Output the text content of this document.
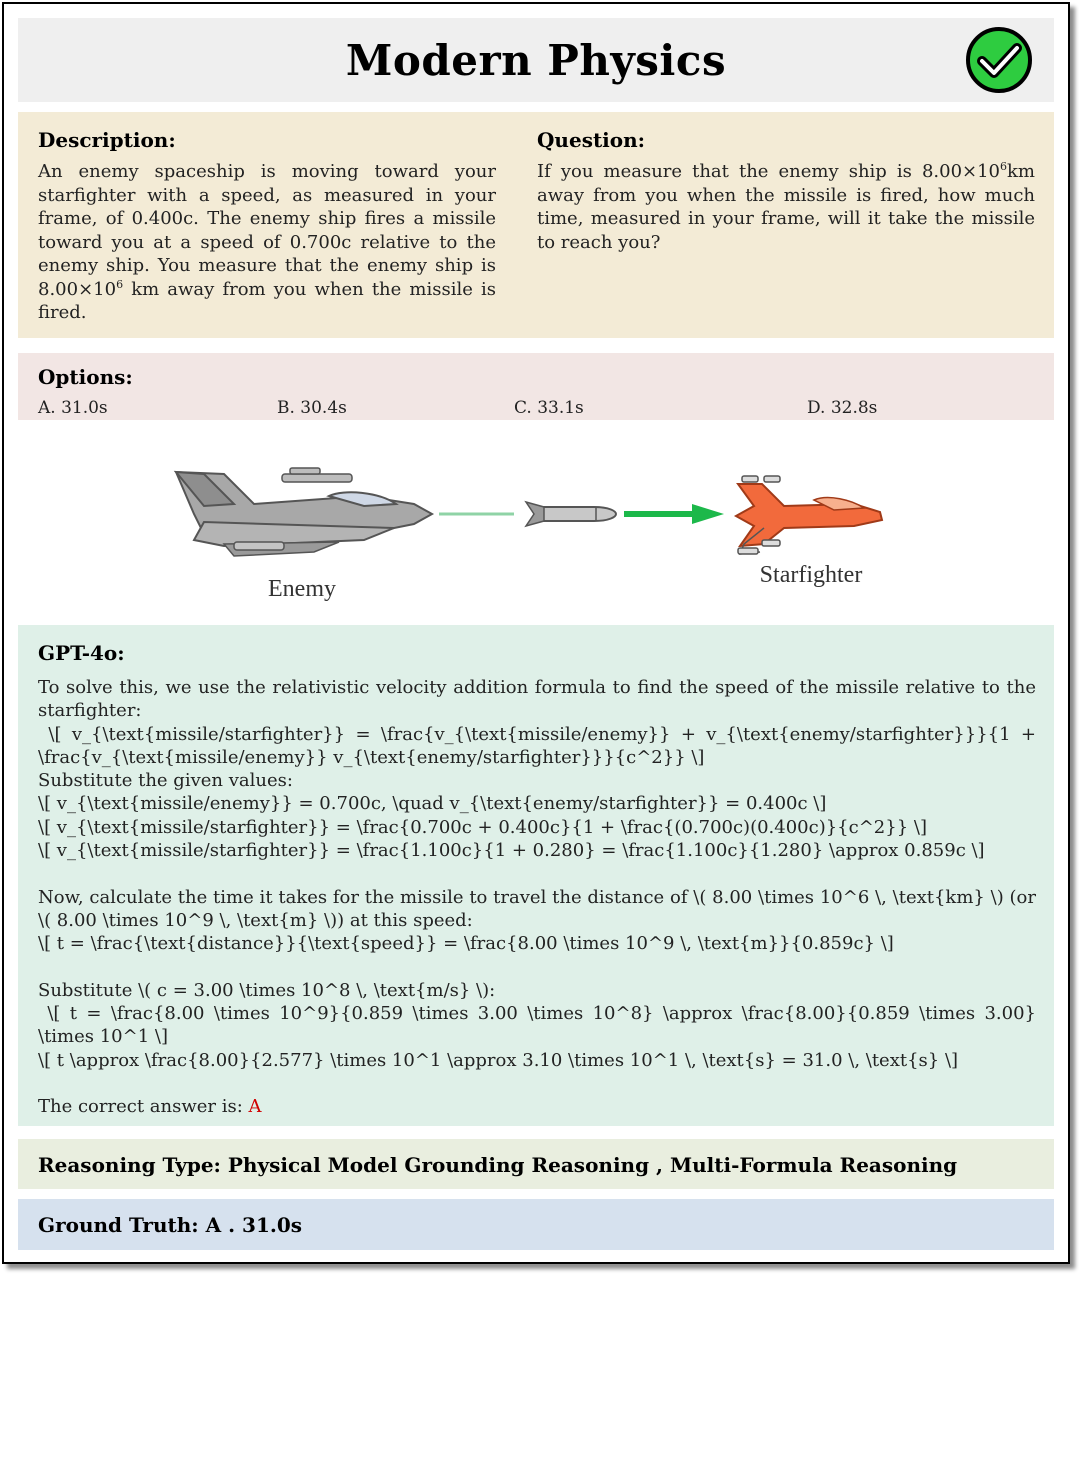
Modern Physics
Description:

An enemy spaceship is moving toward your starfighter with a speed, as measured in your frame, of 0.400c. The enemy ship fires a missile toward you at a speed of 0.700c relative to the enemy ship. You measure that the enemy ship is $8.00\times 10^6$ km away from you when the missile is fired.

Question:

If you measure that the enemy ship is $8.00\times 10^6km$ away from you when the missile is fired, how much time, measured in your frame, will it take the missile to reach you?

Options:
A. 31.0s	B. 30.4s	C. 33.1s	D. 32.8s
Enemy
Starfighter
GPT-4o:
To solve this, we use the relativistic velocity addition formula to find the speed of the missile relative to the starfighter:
\[ v_{\text{missile/starfighter}} = \frac{v_{\text{missile/enemy}} + v_{\text{enemy/starfighter}}}{1 + \frac{v_{\text{missile/enemy}} v_{\text{enemy/starfighter}}}{c^2}} \]
Substitute the given values:
\[ v_{\text{missile/enemy}} = 0.700c, \quad v_{\text{enemy/starfighter}} = 0.400c \]
\[ v_{\text{missile/starfighter}} = \frac{0.700c + 0.400c}{1 + \frac{(0.700c)(0.400c)}{c^2}} \]
\[ v_{\text{missile/starfighter}} = \frac{1.100c}{1 + 0.280} = \frac{1.100c}{1.280} \approx 0.859c \]
Now, calculate the time it takes for the missile to travel the distance of \( 8.00 \times 10^6 \, \text{km} \) (or \( 8.00 \times 10^9 \, \text{m} \)) at this speed:
\[ t = \frac{\text{distance}}{\text{speed}} = \frac{8.00 \times 10^9 \, \text{m}}{0.859c} \]
Substitute \( c = 3.00 \times 10^8 \, \text{m/s} \):
\[ t = \frac{8.00 \times 10^9}{0.859 \times 3.00 \times 10^8} \approx \frac{8.00}{0.859 \times 3.00} \times 10^1 \]
\[ t \approx \frac{8.00}{2.577} \times 10^1 \approx 3.10 \times 10^1 \, \text{s} = 31.0 \, \text{s} \]
The correct answer is: A
Reasoning Type: Physical Model Grounding Reasoning , Multi-Formula Reasoning
Ground Truth: A . 31.0s
